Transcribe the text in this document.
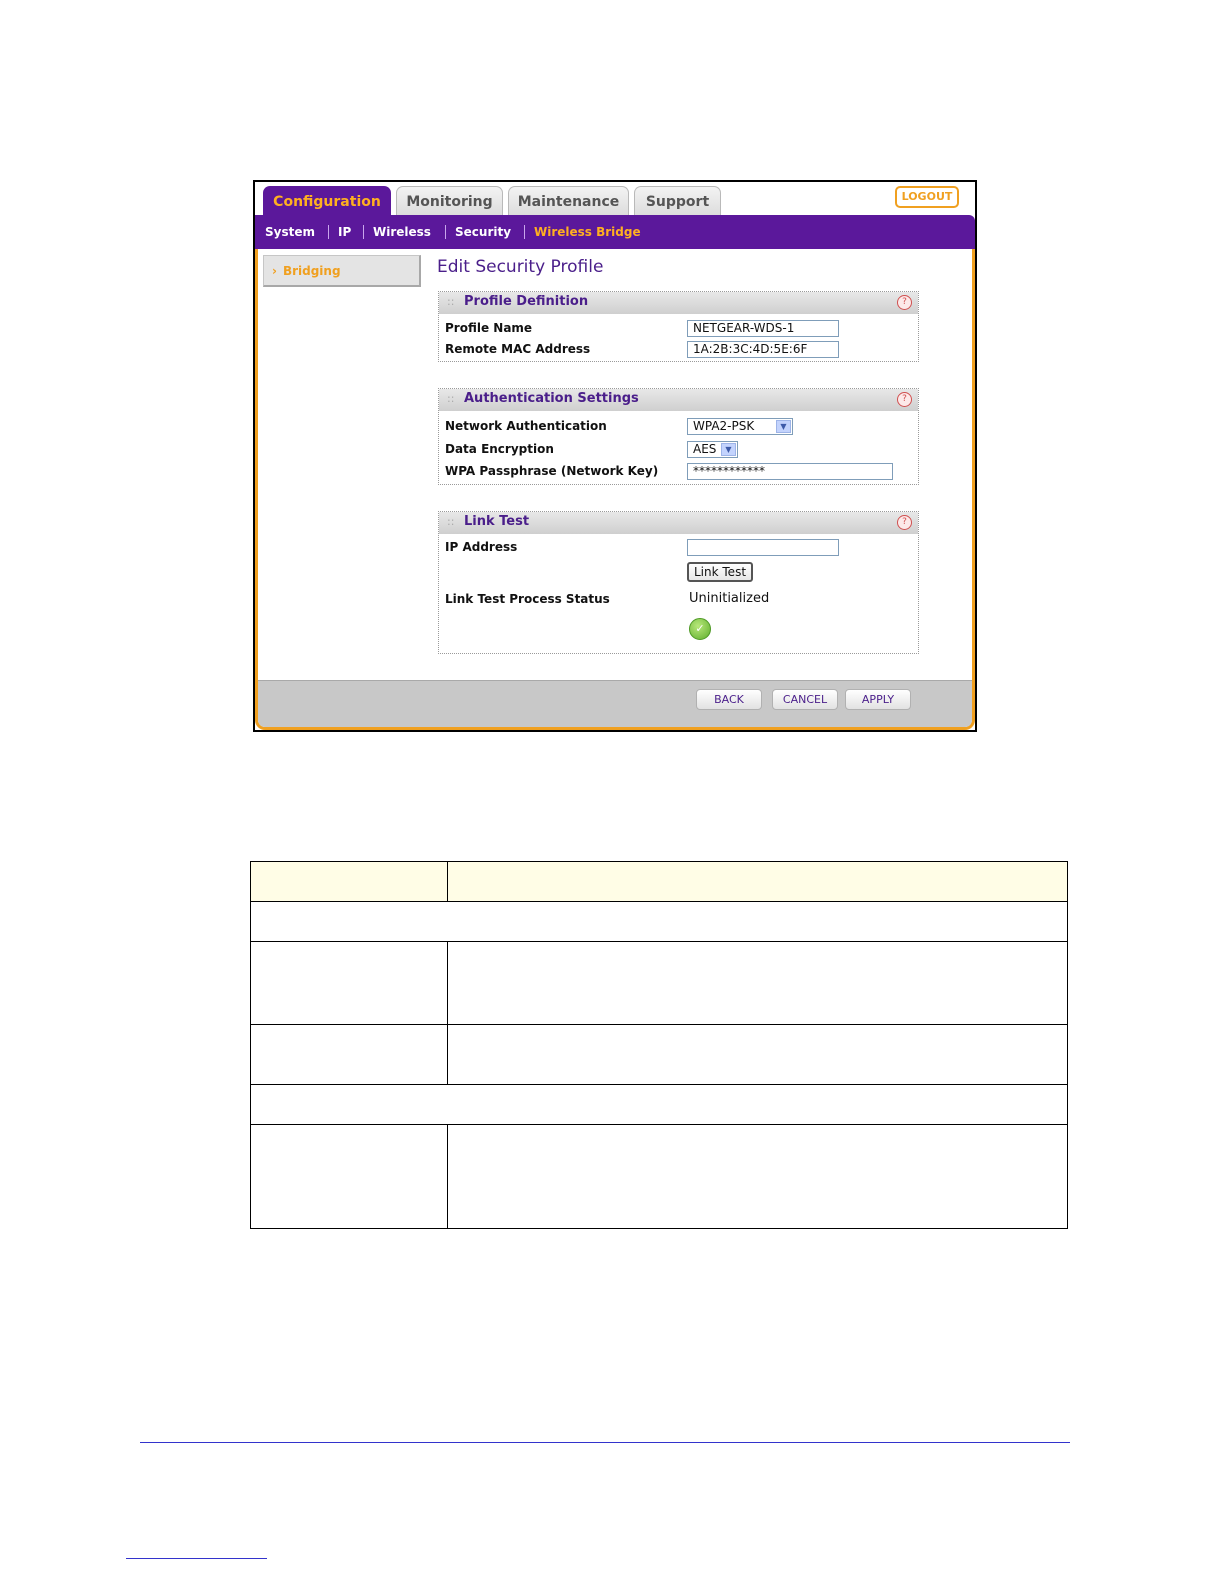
Configuration	Monitoring	Maintenance	Support	LOGOUT
System IP Wireless Security Wireless Bridge
› Bridging	Edit Security Profile
:: Profile Definition	?
Profile Name	NETGEAR-WDS-1
Remote MAC Address	1A:2B:3C:4D:5E:6F
:: Authentication Settings	?
Network Authentication	WPA2-PSK	▼
Data Encryption	AES	▼
WPA Passphrase (Network Key)	************
:: Link Test	?
IP Address
Link Test
Link Test Process Status	Uninitialized
✓
BACK	CANCEL	APPLY
